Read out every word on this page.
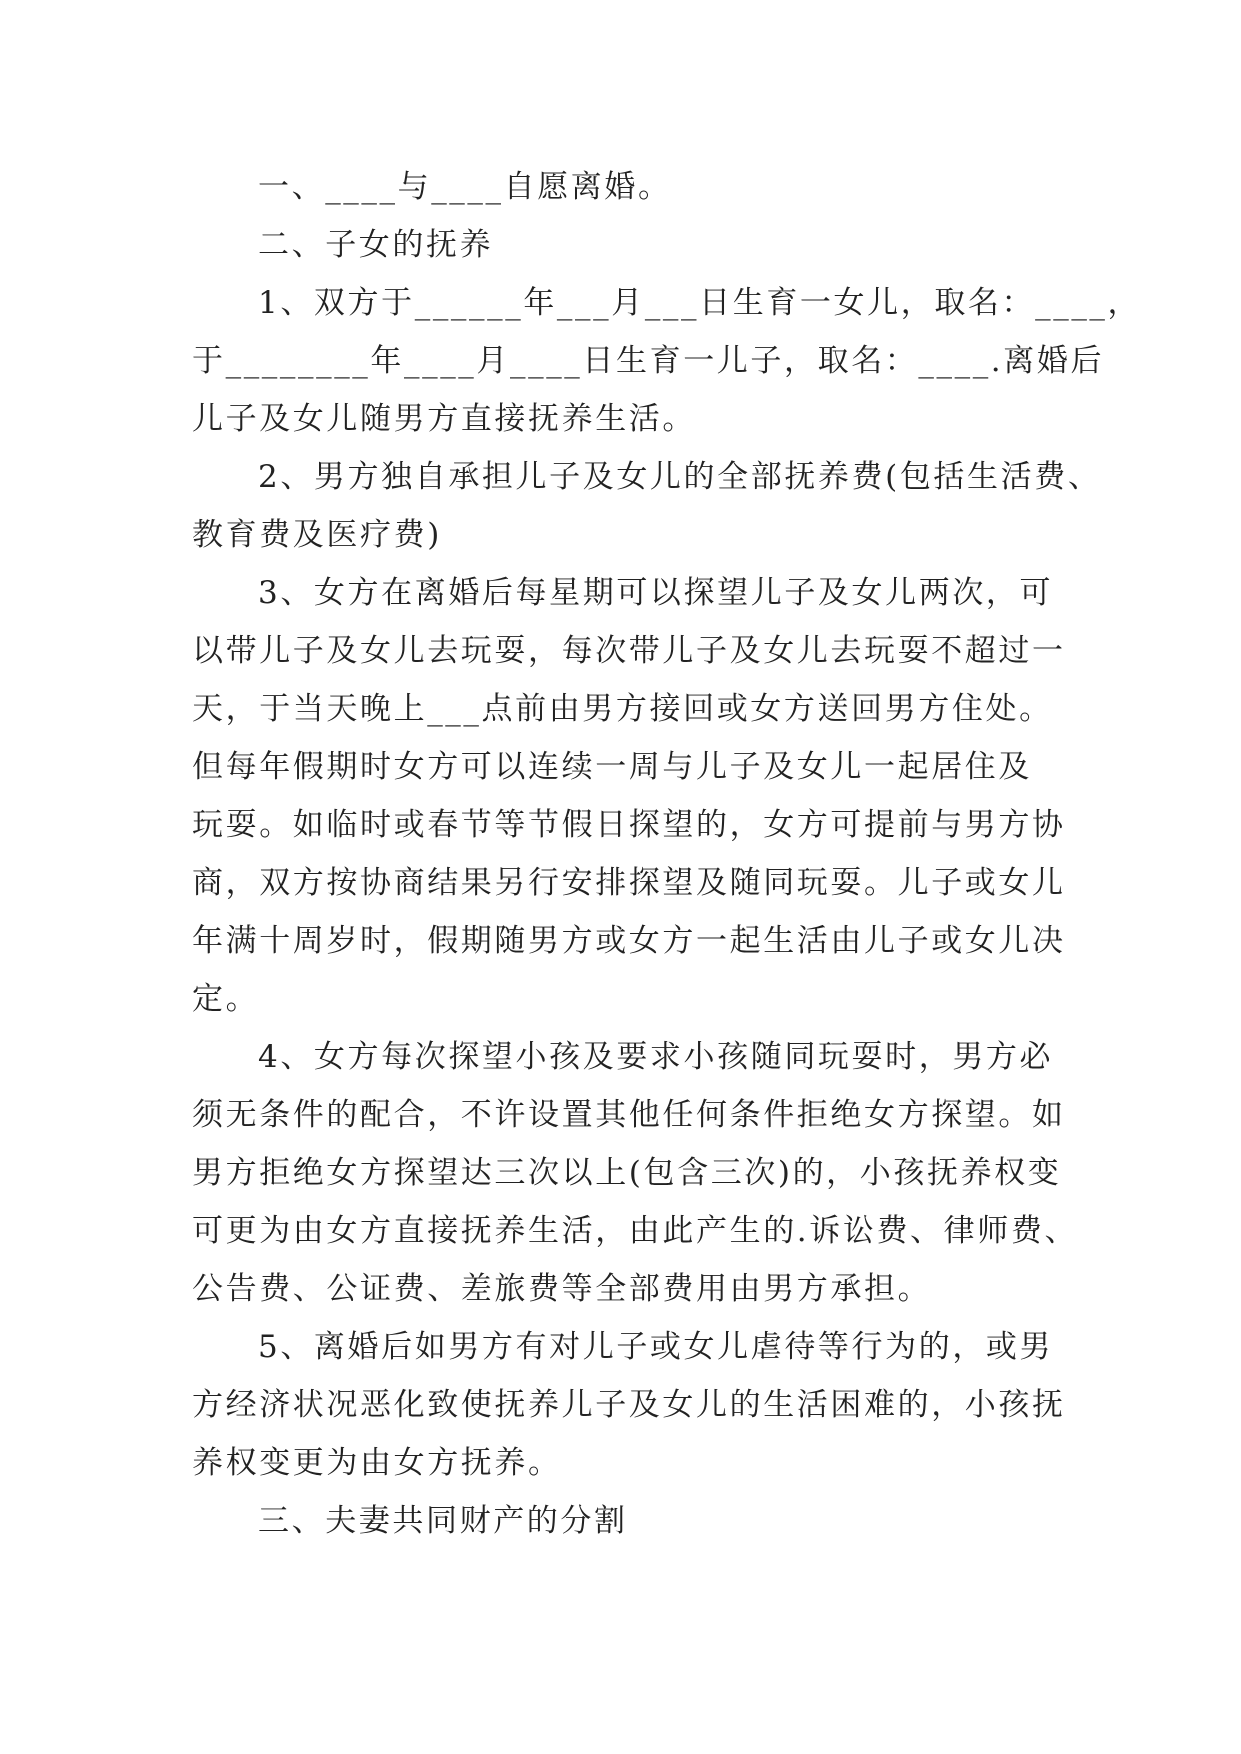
一、____与____自愿离婚。
二、子女的抚养
1、双方于______年___月___日生育一女儿，取名：____，
于________年____月____日生育一儿子，取名：____.离婚后
儿子及女儿随男方直接抚养生活。
2、男方独自承担儿子及女儿的全部抚养费(包括生活费、
教育费及医疗费)
3、女方在离婚后每星期可以探望儿子及女儿两次，可
以带儿子及女儿去玩耍，每次带儿子及女儿去玩耍不超过一
天，于当天晚上___点前由男方接回或女方送回男方住处。
但每年假期时女方可以连续一周与儿子及女儿一起居住及
玩耍。如临时或春节等节假日探望的，女方可提前与男方协
商，双方按协商结果另行安排探望及随同玩耍。儿子或女儿
年满十周岁时，假期随男方或女方一起生活由儿子或女儿决
定。
4、女方每次探望小孩及要求小孩随同玩耍时，男方必
须无条件的配合，不许设置其他任何条件拒绝女方探望。如
男方拒绝女方探望达三次以上(包含三次)的，小孩抚养权变
可更为由女方直接抚养生活，由此产生的.诉讼费、律师费、
公告费、公证费、差旅费等全部费用由男方承担。
5、离婚后如男方有对儿子或女儿虐待等行为的，或男
方经济状况恶化致使抚养儿子及女儿的生活困难的，小孩抚
养权变更为由女方抚养。
三、夫妻共同财产的分割
